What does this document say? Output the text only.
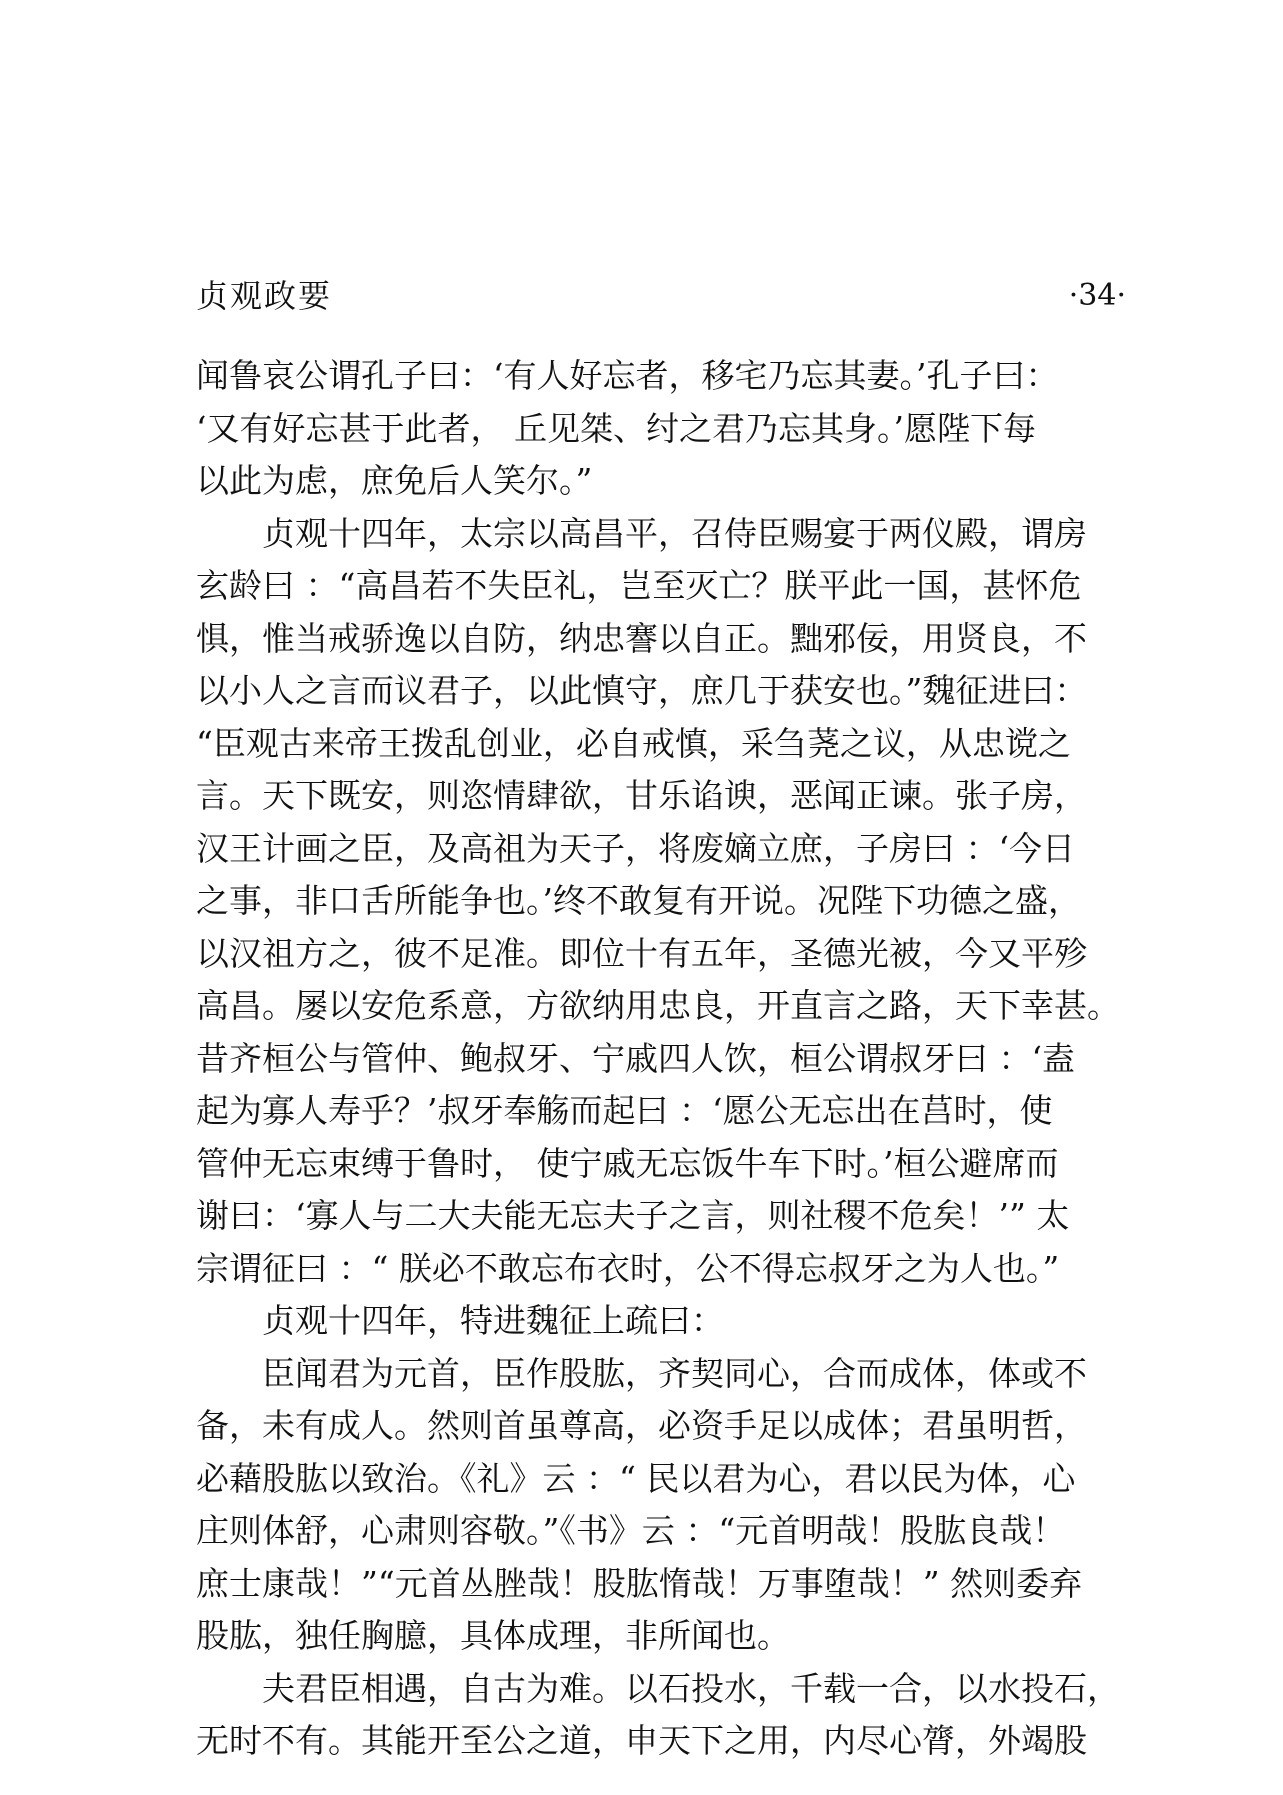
贞观政要	·34·
闻鲁哀公谓孔子曰：‘有人好忘者，移宅乃忘其妻。’孔子曰：
‘又有好忘甚于此者， 丘见桀、纣之君乃忘其身。’愿陛下每
以此为虑，庶免后人笑尔。”
贞观十四年，太宗以高昌平，召侍臣赐宴于两仪殿，谓房
玄龄曰 ：“高昌若不失臣礼，岂至灭亡？朕平此一国，甚怀危
惧，惟当戒骄逸以自防，纳忠謇以自正。黜邪佞，用贤良，不
以小人之言而议君子，以此慎守，庶几于获安也。”魏征进曰：
“臣观古来帝王拨乱创业，必自戒慎，采刍荛之议，从忠谠之
言。天下既安，则恣情肆欲，甘乐谄谀，恶闻正谏。张子房，
汉王计画之臣，及高祖为天子，将废嫡立庶，子房曰 ：‘今日
之事，非口舌所能争也。’终不敢复有开说。况陛下功德之盛，
以汉祖方之，彼不足准。即位十有五年，圣德光被，今又平殄
高昌。屡以安危系意，方欲纳用忠良，开直言之路，天下幸甚。
昔齐桓公与管仲、鲍叔牙、宁戚四人饮，桓公谓叔牙曰 ：‘盍
起为寡人寿乎？’叔牙奉觞而起曰 ：‘愿公无忘出在莒时，使
管仲无忘束缚于鲁时， 使宁戚无忘饭牛车下时。’桓公避席而
谢曰：‘寡人与二大夫能无忘夫子之言，则社稷不危矣！’” 太
宗谓征曰 ：“ 朕必不敢忘布衣时，公不得忘叔牙之为人也。”
贞观十四年，特进魏征上疏曰：
臣闻君为元首，臣作股肱，齐契同心，合而成体，体或不
备，未有成人。然则首虽尊高，必资手足以成体；君虽明哲，
必藉股肱以致治。《礼》云 ：“ 民以君为心，君以民为体，心
庄则体舒，心肃则容敬。”《书》云 ：“元首明哉！股肱良哉！
庶士康哉！”“元首丛脞哉！股肱惰哉！万事堕哉！” 然则委弃
股肱，独任胸臆，具体成理，非所闻也。
夫君臣相遇，自古为难。以石投水，千载一合，以水投石，
无时不有。其能开至公之道，申天下之用，内尽心膂，外竭股
